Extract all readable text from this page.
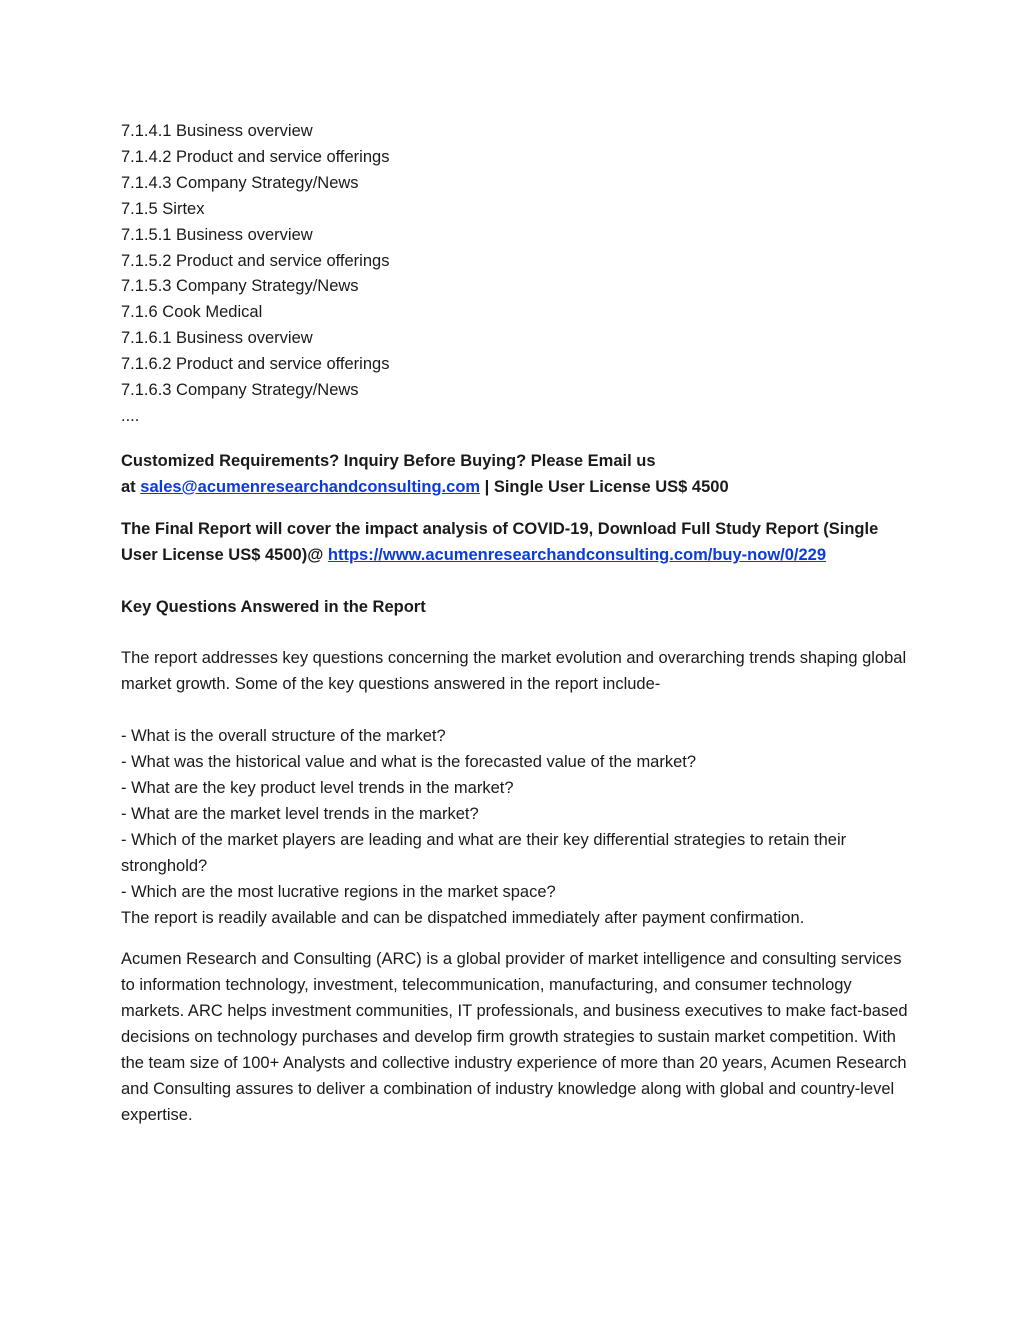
7.1.4.1 Business overview
7.1.4.2 Product and service offerings
7.1.4.3 Company Strategy/News
7.1.5 Sirtex
7.1.5.1 Business overview
7.1.5.2 Product and service offerings
7.1.5.3 Company Strategy/News
7.1.6 Cook Medical
7.1.6.1 Business overview
7.1.6.2 Product and service offerings
7.1.6.3 Company Strategy/News
....
Customized Requirements? Inquiry Before Buying? Please Email us
at sales@acumenresearchandconsulting.com | Single User License US$ 4500
The Final Report will cover the impact analysis of COVID-19, Download Full Study Report (Single User License US$ 4500)@ https://www.acumenresearchandconsulting.com/buy-now/0/229
Key Questions Answered in the Report
The report addresses key questions concerning the market evolution and overarching trends shaping global market growth. Some of the key questions answered in the report include-
- What is the overall structure of the market?
- What was the historical value and what is the forecasted value of the market?
- What are the key product level trends in the market?
- What are the market level trends in the market?
- Which of the market players are leading and what are their key differential strategies to retain their stronghold?
- Which are the most lucrative regions in the market space?
The report is readily available and can be dispatched immediately after payment confirmation.
Acumen Research and Consulting (ARC) is a global provider of market intelligence and consulting services to information technology, investment, telecommunication, manufacturing, and consumer technology markets. ARC helps investment communities, IT professionals, and business executives to make fact-based decisions on technology purchases and develop firm growth strategies to sustain market competition. With the team size of 100+ Analysts and collective industry experience of more than 20 years, Acumen Research and Consulting assures to deliver a combination of industry knowledge along with global and country-level expertise.
